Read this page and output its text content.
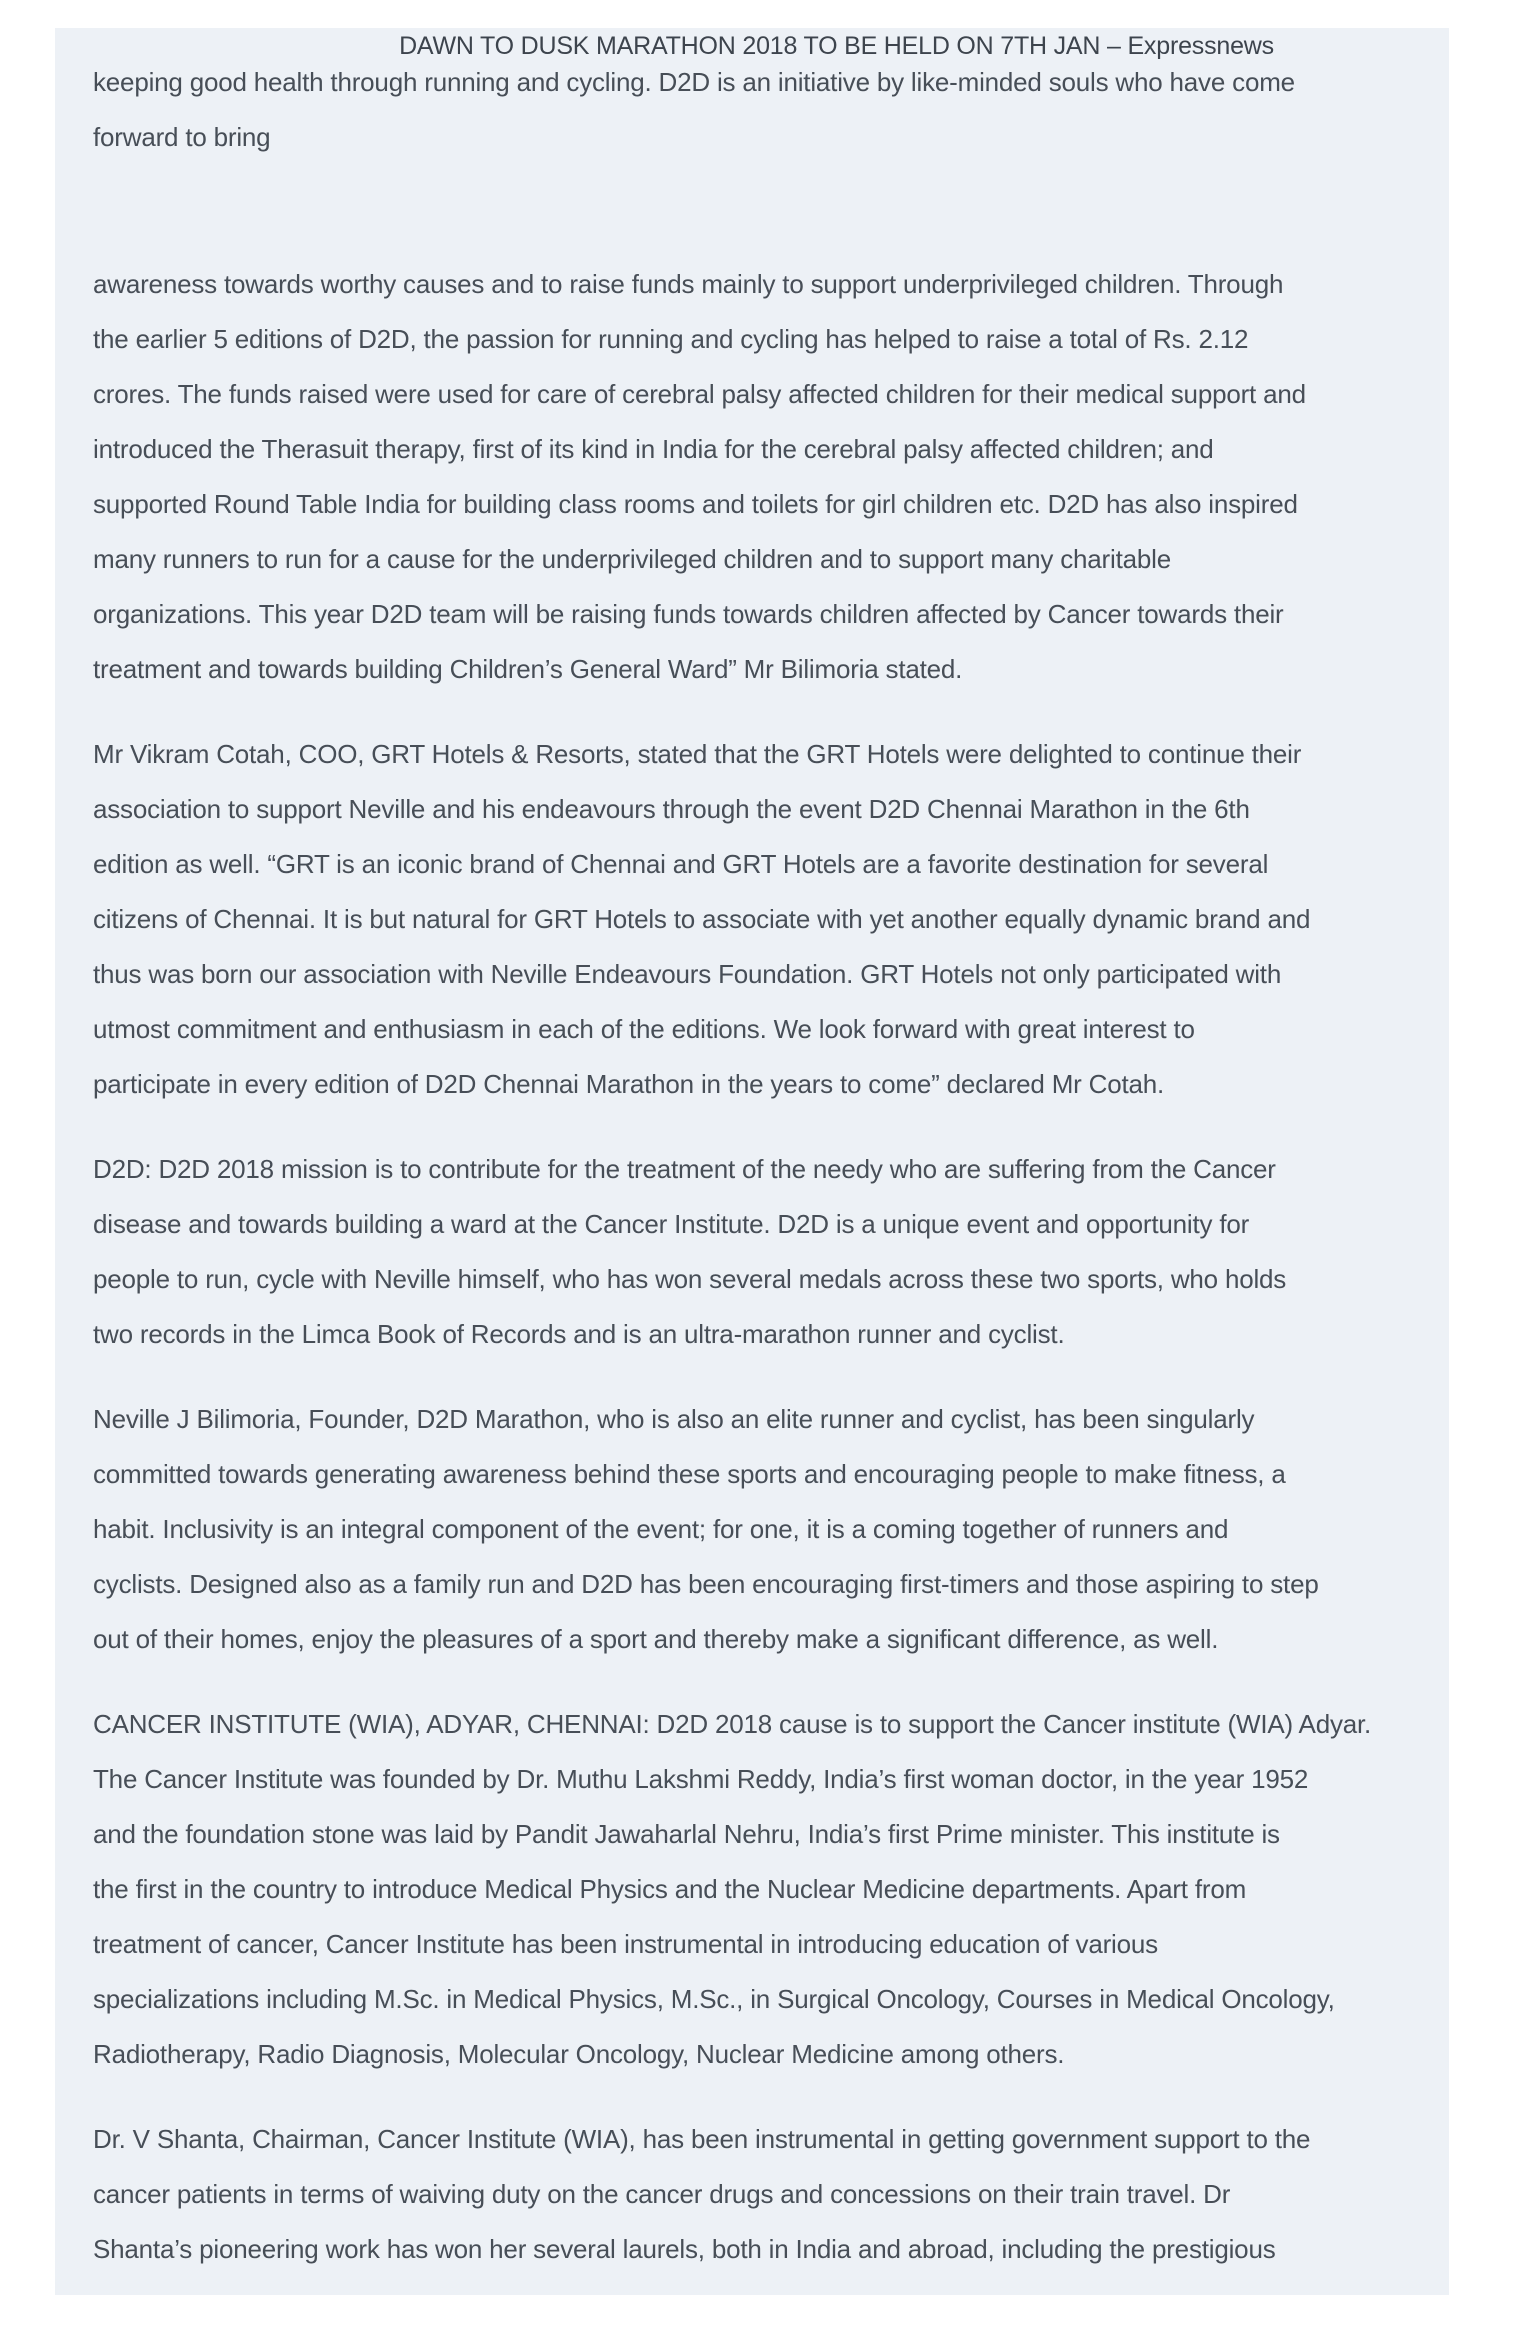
DAWN TO DUSK MARATHON 2018 TO BE HELD ON 7TH JAN – Expressnews
keeping good health through running and cycling. D2D is an initiative by like-minded souls who have come
forward to bring
awareness towards worthy causes and to raise funds mainly to support underprivileged children. Through
the earlier 5 editions of D2D, the passion for running and cycling has helped to raise a total of Rs. 2.12
crores. The funds raised were used for care of cerebral palsy affected children for their medical support and
introduced the Therasuit therapy, first of its kind in India for the cerebral palsy affected children; and
supported Round Table India for building class rooms and toilets for girl children etc. D2D has also inspired
many runners to run for a cause for the underprivileged children and to support many charitable
organizations. This year D2D team will be raising funds towards children affected by Cancer towards their
treatment and towards building Children’s General Ward” Mr Bilimoria stated.
Mr Vikram Cotah, COO, GRT Hotels & Resorts, stated that the GRT Hotels were delighted to continue their
association to support Neville and his endeavours through the event D2D Chennai Marathon in the 6th
edition as well. “GRT is an iconic brand of Chennai and GRT Hotels are a favorite destination for several
citizens of Chennai. It is but natural for GRT Hotels to associate with yet another equally dynamic brand and
thus was born our association with Neville Endeavours Foundation. GRT Hotels not only participated with
utmost commitment and enthusiasm in each of the editions. We look forward with great interest to
participate in every edition of D2D Chennai Marathon in the years to come” declared Mr Cotah.
D2D: D2D 2018 mission is to contribute for the treatment of the needy who are suffering from the Cancer
disease and towards building a ward at the Cancer Institute. D2D is a unique event and opportunity for
people to run, cycle with Neville himself, who has won several medals across these two sports, who holds
two records in the Limca Book of Records and is an ultra-marathon runner and cyclist.
Neville J Bilimoria, Founder, D2D Marathon, who is also an elite runner and cyclist, has been singularly
committed towards generating awareness behind these sports and encouraging people to make fitness, a
habit. Inclusivity is an integral component of the event; for one, it is a coming together of runners and
cyclists. Designed also as a family run and D2D has been encouraging first-timers and those aspiring to step
out of their homes, enjoy the pleasures of a sport and thereby make a significant difference, as well.
CANCER INSTITUTE (WIA), ADYAR, CHENNAI: D2D 2018 cause is to support the Cancer institute (WIA) Adyar.
The Cancer Institute was founded by Dr. Muthu Lakshmi Reddy, India’s first woman doctor, in the year 1952
and the foundation stone was laid by Pandit Jawaharlal Nehru, India’s first Prime minister. This institute is
the first in the country to introduce Medical Physics and the Nuclear Medicine departments. Apart from
treatment of cancer, Cancer Institute has been instrumental in introducing education of various
specializations including M.Sc. in Medical Physics, M.Sc., in Surgical Oncology, Courses in Medical Oncology,
Radiotherapy, Radio Diagnosis, Molecular Oncology, Nuclear Medicine among others.
Dr. V Shanta, Chairman, Cancer Institute (WIA), has been instrumental in getting government support to the
cancer patients in terms of waiving duty on the cancer drugs and concessions on their train travel. Dr
Shanta’s pioneering work has won her several laurels, both in India and abroad, including the prestigious
